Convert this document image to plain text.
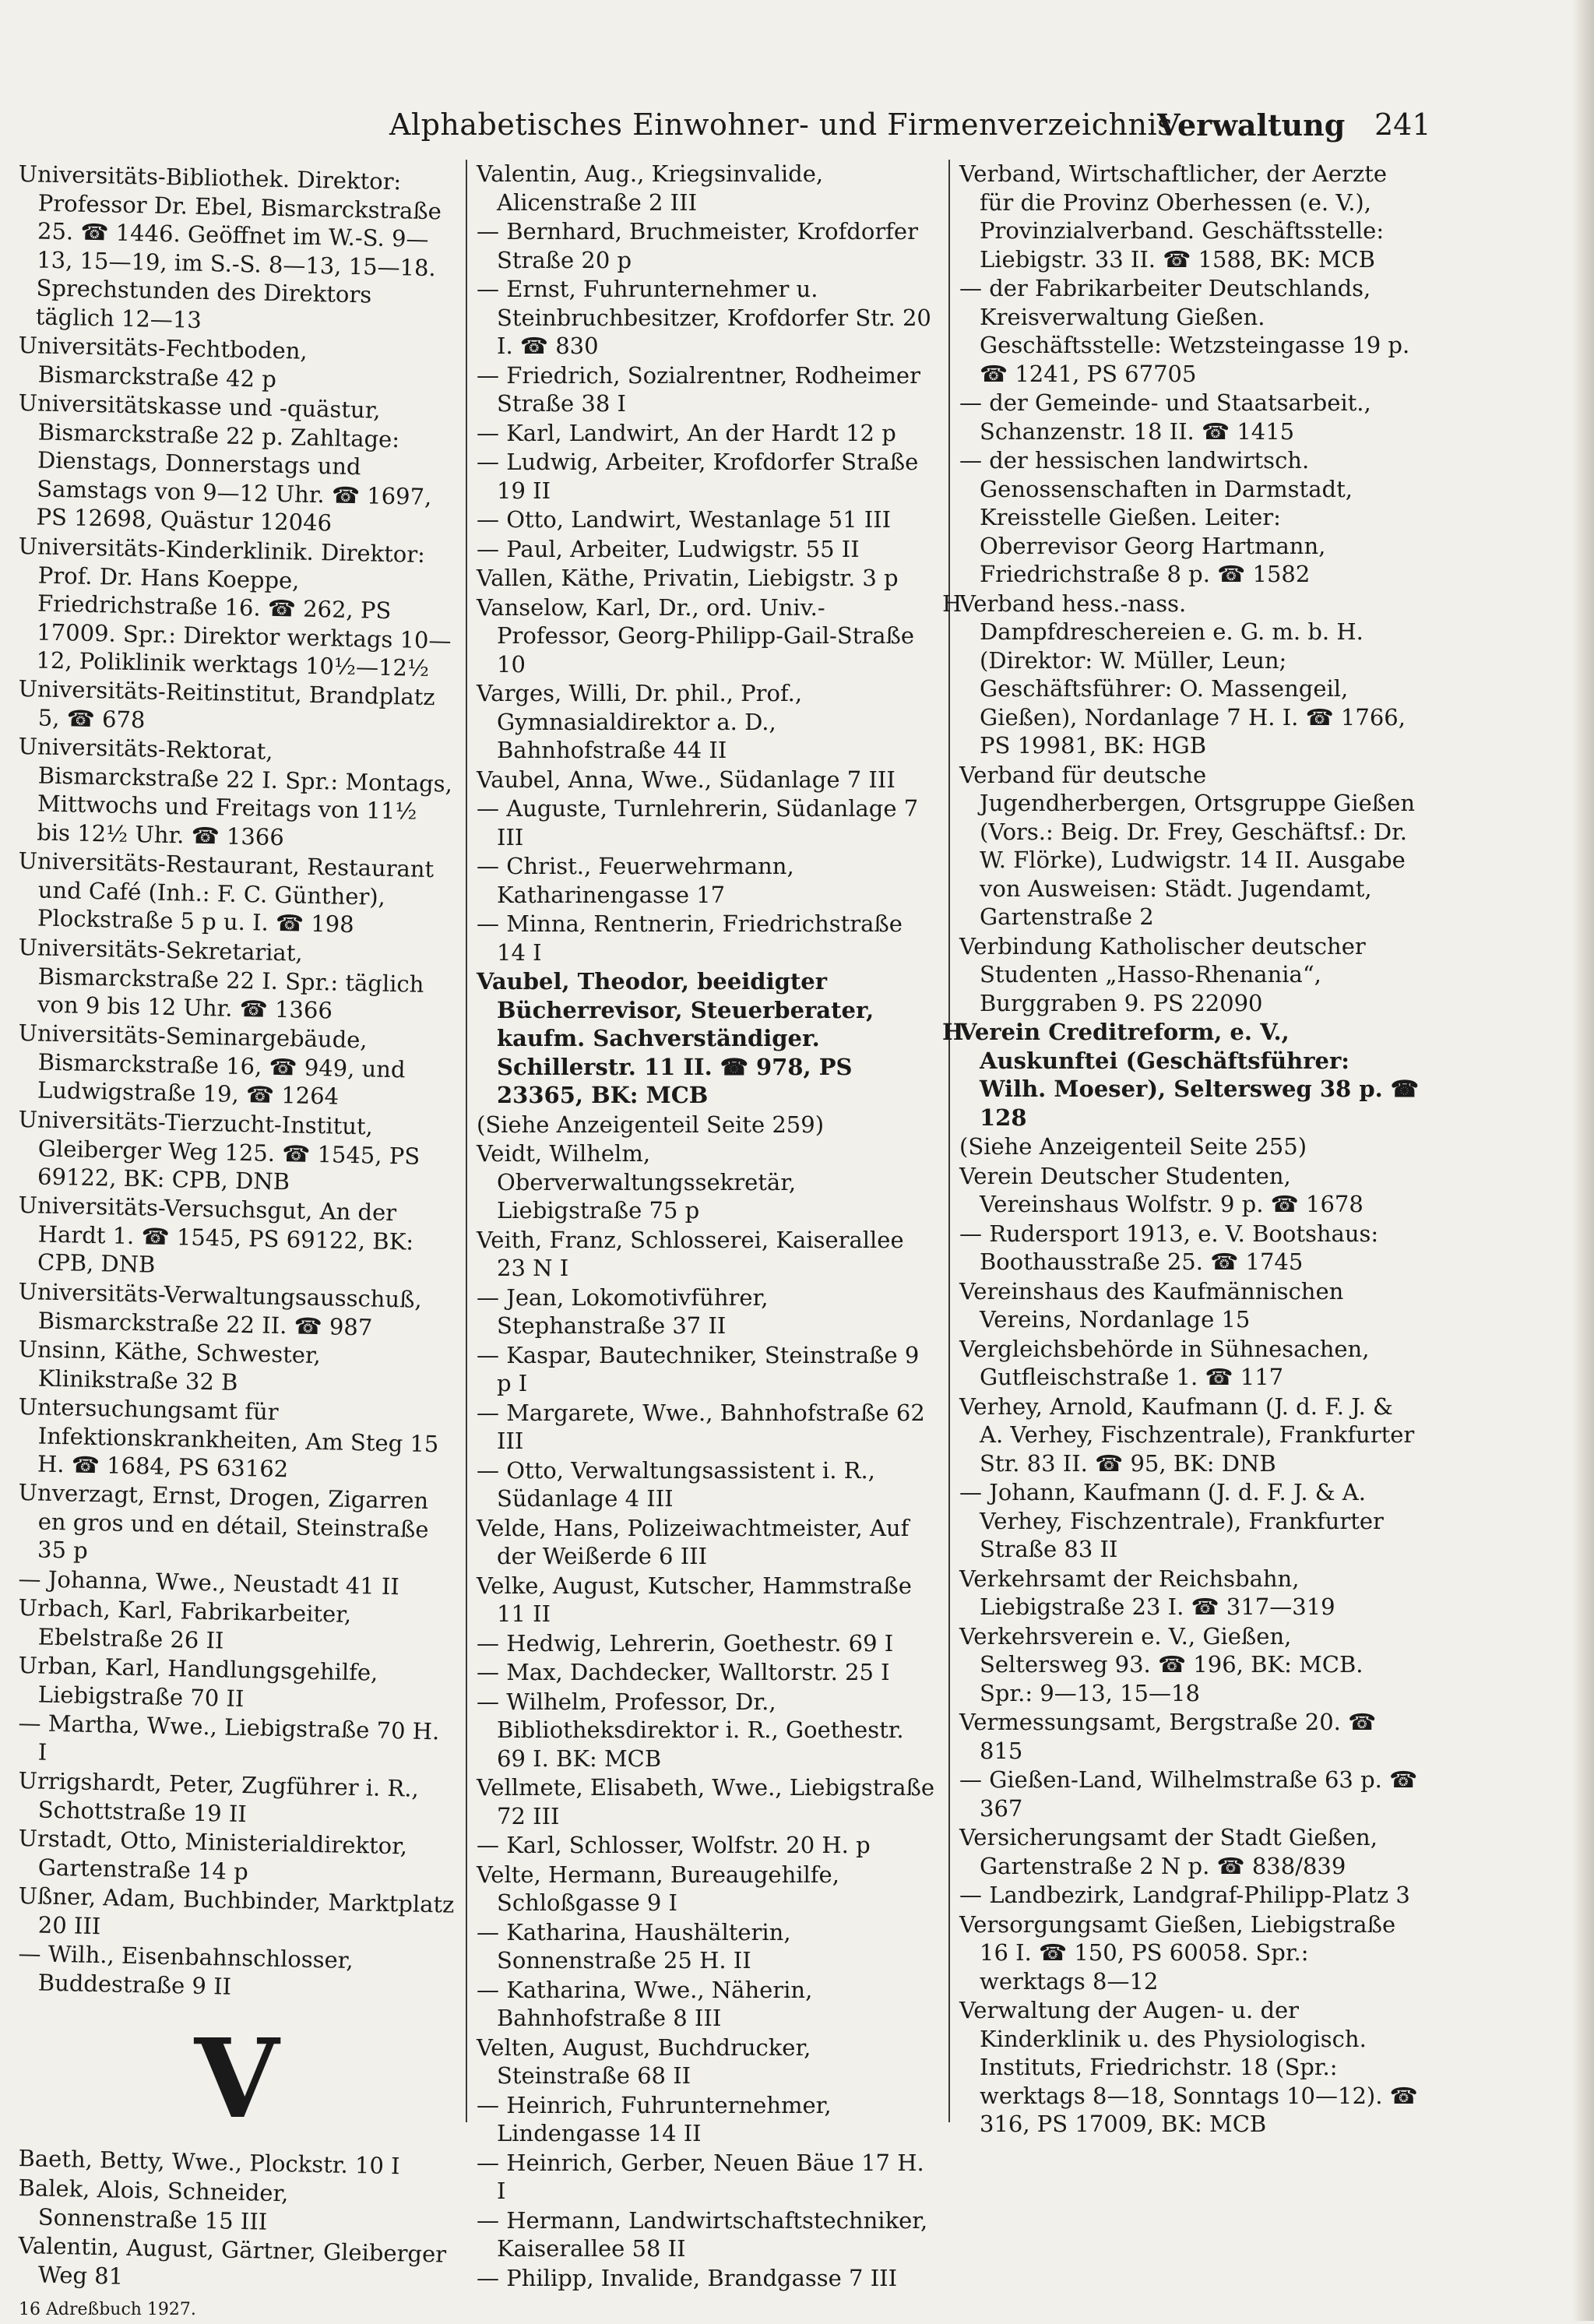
Alphabetisches Einwohner- und Firmenverzeichnis
Verwaltung 241
Universitäts-Bibliothek. Direktor: Professor Dr. Ebel, Bismarckstraße 25. ☎ 1446. Geöffnet im W.-S. 9—13, 15—19, im S.-S. 8—13, 15—18. Sprechstunden des Direktors täglich 12—13
Universitäts-Fechtboden, Bismarckstraße 42 p
Universitätskasse und -quästur, Bismarckstraße 22 p. Zahltage: Dienstags, Donnerstags und Samstags von 9—12 Uhr. ☎ 1697, PS 12698, Quästur 12046
Universitäts-Kinderklinik. Direktor: Prof. Dr. Hans Koeppe, Friedrichstraße 16. ☎ 262, PS 17009. Spr.: Direktor werktags 10—12, Poliklinik werktags 10½—12½
Universitäts-Reitinstitut, Brandplatz 5, ☎ 678
Universitäts-Rektorat, Bismarckstraße 22 I. Spr.: Montags, Mittwochs und Freitags von 11½ bis 12½ Uhr. ☎ 1366
Universitäts-Restaurant, Restaurant und Café (Inh.: F. C. Günther), Plockstraße 5 p u. I. ☎ 198
Universitäts-Sekretariat, Bismarckstraße 22 I. Spr.: täglich von 9 bis 12 Uhr. ☎ 1366
Universitäts-Seminargebäude, Bismarckstraße 16, ☎ 949, und Ludwigstraße 19, ☎ 1264
Universitäts-Tierzucht-Institut, Gleiberger Weg 125. ☎ 1545, PS 69122, BK: CPB, DNB
Universitäts-Versuchsgut, An der Hardt 1. ☎ 1545, PS 69122, BK: CPB, DNB
Universitäts-Verwaltungsausschuß, Bismarckstraße 22 II. ☎ 987
Unsinn, Käthe, Schwester, Klinikstraße 32 B
Untersuchungsamt für Infektionskrankheiten, Am Steg 15 H. ☎ 1684, PS 63162
Unverzagt, Ernst, Drogen, Zigarren en gros und en détail, Steinstraße 35 p
— Johanna, Wwe., Neustadt 41 II
Urbach, Karl, Fabrikarbeiter, Ebelstraße 26 II
Urban, Karl, Handlungsgehilfe, Liebigstraße 70 II
— Martha, Wwe., Liebigstraße 70 H. I
Urrigshardt, Peter, Zugführer i. R., Schottstraße 19 II
Urstadt, Otto, Ministerialdirektor, Gartenstraße 14 p
Ußner, Adam, Buchbinder, Marktplatz 20 III
— Wilh., Eisenbahnschlosser, Buddestraße 9 II
V
Baeth, Betty, Wwe., Plockstr. 10 I
Balek, Alois, Schneider, Sonnenstraße 15 III
Valentin, August, Gärtner, Gleiberger Weg 81
16 Adreßbuch 1927.
Valentin, Aug., Kriegsinvalide, Alicenstraße 2 III
— Bernhard, Bruchmeister, Krofdorfer Straße 20 p
— Ernst, Fuhrunternehmer u. Steinbruchbesitzer, Krofdorfer Str. 20 I. ☎ 830
— Friedrich, Sozialrentner, Rodheimer Straße 38 I
— Karl, Landwirt, An der Hardt 12 p
— Ludwig, Arbeiter, Krofdorfer Straße 19 II
— Otto, Landwirt, Westanlage 51 III
— Paul, Arbeiter, Ludwigstr. 55 II
Vallen, Käthe, Privatin, Liebigstr. 3 p
Vanselow, Karl, Dr., ord. Univ.-Professor, Georg-Philipp-Gail-Straße 10
Varges, Willi, Dr. phil., Prof., Gymnasialdirektor a. D., Bahnhofstraße 44 II
Vaubel, Anna, Wwe., Südanlage 7 III
— Auguste, Turnlehrerin, Südanlage 7 III
— Christ., Feuerwehrmann, Katharinengasse 17
— Minna, Rentnerin, Friedrichstraße 14 I
Vaubel, Theodor, beeidigter Bücherrevisor, Steuerberater, kaufm. Sachverständiger. Schillerstr. 11 II. ☎ 978, PS 23365, BK: MCB
(Siehe Anzeigenteil Seite 259)
Veidt, Wilhelm, Oberverwaltungssekretär, Liebigstraße 75 p
Veith, Franz, Schlosserei, Kaiserallee 23 N I
— Jean, Lokomotivführer, Stephanstraße 37 II
— Kaspar, Bautechniker, Steinstraße 9 p I
— Margarete, Wwe., Bahnhofstraße 62 III
— Otto, Verwaltungsassistent i. R., Südanlage 4 III
Velde, Hans, Polizeiwachtmeister, Auf der Weißerde 6 III
Velke, August, Kutscher, Hammstraße 11 II
— Hedwig, Lehrerin, Goethestr. 69 I
— Max, Dachdecker, Walltorstr. 25 I
— Wilhelm, Professor, Dr., Bibliotheksdirektor i. R., Goethestr. 69 I. BK: MCB
Vellmete, Elisabeth, Wwe., Liebigstraße 72 III
— Karl, Schlosser, Wolfstr. 20 H. p
Velte, Hermann, Bureaugehilfe, Schloßgasse 9 I
— Katharina, Haushälterin, Sonnenstraße 25 H. II
— Katharina, Wwe., Näherin, Bahnhofstraße 8 III
Velten, August, Buchdrucker, Steinstraße 68 II
— Heinrich, Fuhrunternehmer, Lindengasse 14 II
— Heinrich, Gerber, Neuen Bäue 17 H. I
— Hermann, Landwirtschaftstechniker, Kaiserallee 58 II
— Philipp, Invalide, Brandgasse 7 III
Verband, Wirtschaftlicher, der Aerzte für die Provinz Oberhessen (e. V.), Provinzialverband. Geschäftsstelle: Liebigstr. 33 II. ☎ 1588, BK: MCB
— der Fabrikarbeiter Deutschlands, Kreisverwaltung Gießen. Geschäftsstelle: Wetzsteingasse 19 p. ☎ 1241, PS 67705
— der Gemeinde- und Staatsarbeit., Schanzenstr. 18 II. ☎ 1415
— der hessischen landwirtsch. Genossenschaften in Darmstadt, Kreisstelle Gießen. Leiter: Oberrevisor Georg Hartmann, Friedrichstraße 8 p. ☎ 1582
H Verband hess.-nass. Dampfdreschereien e. G. m. b. H. (Direktor: W. Müller, Leun; Geschäftsführer: O. Massengeil, Gießen), Nordanlage 7 H. I. ☎ 1766, PS 19981, BK: HGB
Verband für deutsche Jugendherbergen, Ortsgruppe Gießen (Vors.: Beig. Dr. Frey, Geschäftsf.: Dr. W. Flörke), Ludwigstr. 14 II. Ausgabe von Ausweisen: Städt. Jugendamt, Gartenstraße 2
Verbindung Katholischer deutscher Studenten „Hasso-Rhenania“, Burggraben 9. PS 22090
H Verein Creditreform, e. V., Auskunftei (Geschäftsführer: Wilh. Moeser), Seltersweg 38 p. ☎ 128
(Siehe Anzeigenteil Seite 255)
Verein Deutscher Studenten, Vereinshaus Wolfstr. 9 p. ☎ 1678
— Rudersport 1913, e. V. Bootshaus: Boothausstraße 25. ☎ 1745
Vereinshaus des Kaufmännischen Vereins, Nordanlage 15
Vergleichsbehörde in Sühnesachen, Gutfleischstraße 1. ☎ 117
Verhey, Arnold, Kaufmann (J. d. F. J. & A. Verhey, Fischzentrale), Frankfurter Str. 83 II. ☎ 95, BK: DNB
— Johann, Kaufmann (J. d. F. J. & A. Verhey, Fischzentrale), Frankfurter Straße 83 II
Verkehrsamt der Reichsbahn, Liebigstraße 23 I. ☎ 317—319
Verkehrsverein e. V., Gießen, Seltersweg 93. ☎ 196, BK: MCB. Spr.: 9—13, 15—18
Vermessungsamt, Bergstraße 20. ☎ 815
— Gießen-Land, Wilhelmstraße 63 p. ☎ 367
Versicherungsamt der Stadt Gießen, Gartenstraße 2 N p. ☎ 838/839
— Landbezirk, Landgraf-Philipp-Platz 3
Versorgungsamt Gießen, Liebigstraße 16 I. ☎ 150, PS 60058. Spr.: werktags 8—12
Verwaltung der Augen- u. der Kinderklinik u. des Physiologisch. Instituts, Friedrichstr. 18 (Spr.: werktags 8—18, Sonntags 10—12). ☎ 316, PS 17009, BK: MCB
